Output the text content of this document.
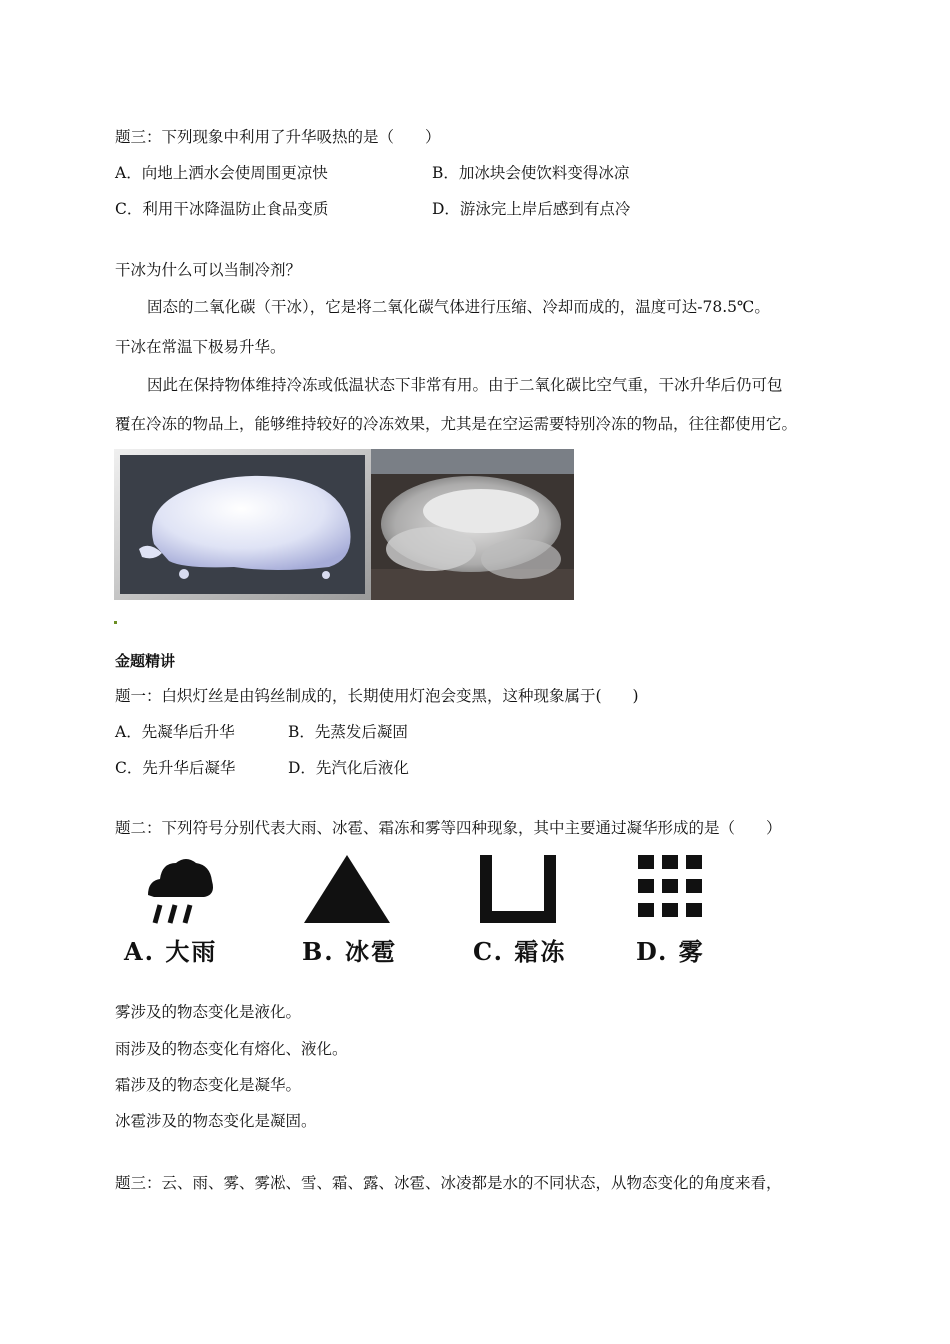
题三：下列现象中利用了升华吸热的是（　　）
A．向地上洒水会使周围更凉快	B．加冰块会使饮料变得冰凉
C．利用干冰降温防止食品变质	D．游泳完上岸后感到有点冷
干冰为什么可以当制冷剂？
固态的二氧化碳（干冰），它是将二氧化碳气体进行压缩、冷却而成的，温度可达-78.5℃。
干冰在常温下极易升华。
因此在保持物体维持冷冻或低温状态下非常有用。由于二氧化碳比空气重，干冰升华后仍可包
覆在冷冻的物品上，能够维持较好的冷冻效果，尤其是在空运需要特别冷冻的物品，往往都使用它。
金题精讲
题一：白炽灯丝是由钨丝制成的，长期使用灯泡会变黑，这种现象属于(　　)
A．先凝华后升华	B．先蒸发后凝固
C．先升华后凝华	D．先汽化后液化
题二：下列符号分别代表大雨、冰雹、霜冻和雾等四种现象，其中主要通过凝华形成的是（　　）
A. 大雨	B. 冰雹	C. 霜冻	D. 雾
雾涉及的物态变化是液化。
雨涉及的物态变化有熔化、液化。
霜涉及的物态变化是凝华。
冰雹涉及的物态变化是凝固。
题三：云、雨、雾、雾凇、雪、霜、露、冰雹、冰凌都是水的不同状态，从物态变化的角度来看，
